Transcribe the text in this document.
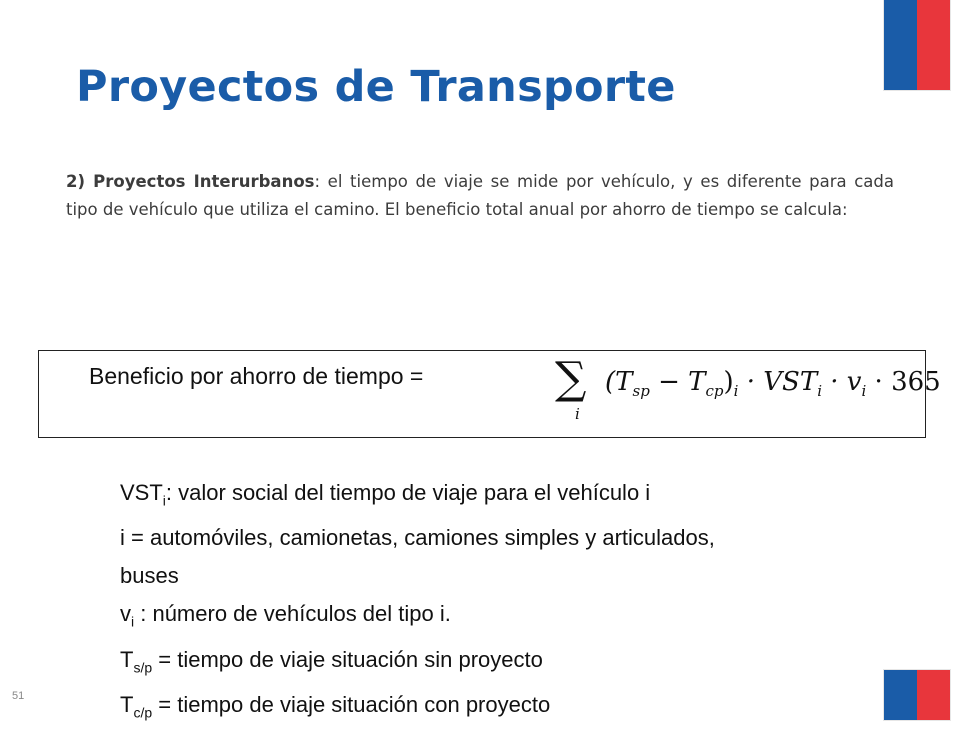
Proyectos de Transporte
2) Proyectos Interurbanos: el tiempo de viaje se mide por vehículo, y es diferente para cada tipo de vehículo que utiliza el camino. El beneficio total anual por ahorro de tiempo se calcula:
Beneficio por ahorro de tiempo =	∑
i
$(T_{sp} - T_{cp})_i \cdot VST_i \cdot v_i \cdot 365$
$VST_i$: valor social del tiempo de viaje para el vehículo i
i = automóviles, camionetas, camiones simples y articulados,
buses
$v_i$ : número de vehículos del tipo i.
$T_{s/p}$ = tiempo de viaje situación sin proyecto
$T_{c/p}$ = tiempo de viaje situación con proyecto
51
